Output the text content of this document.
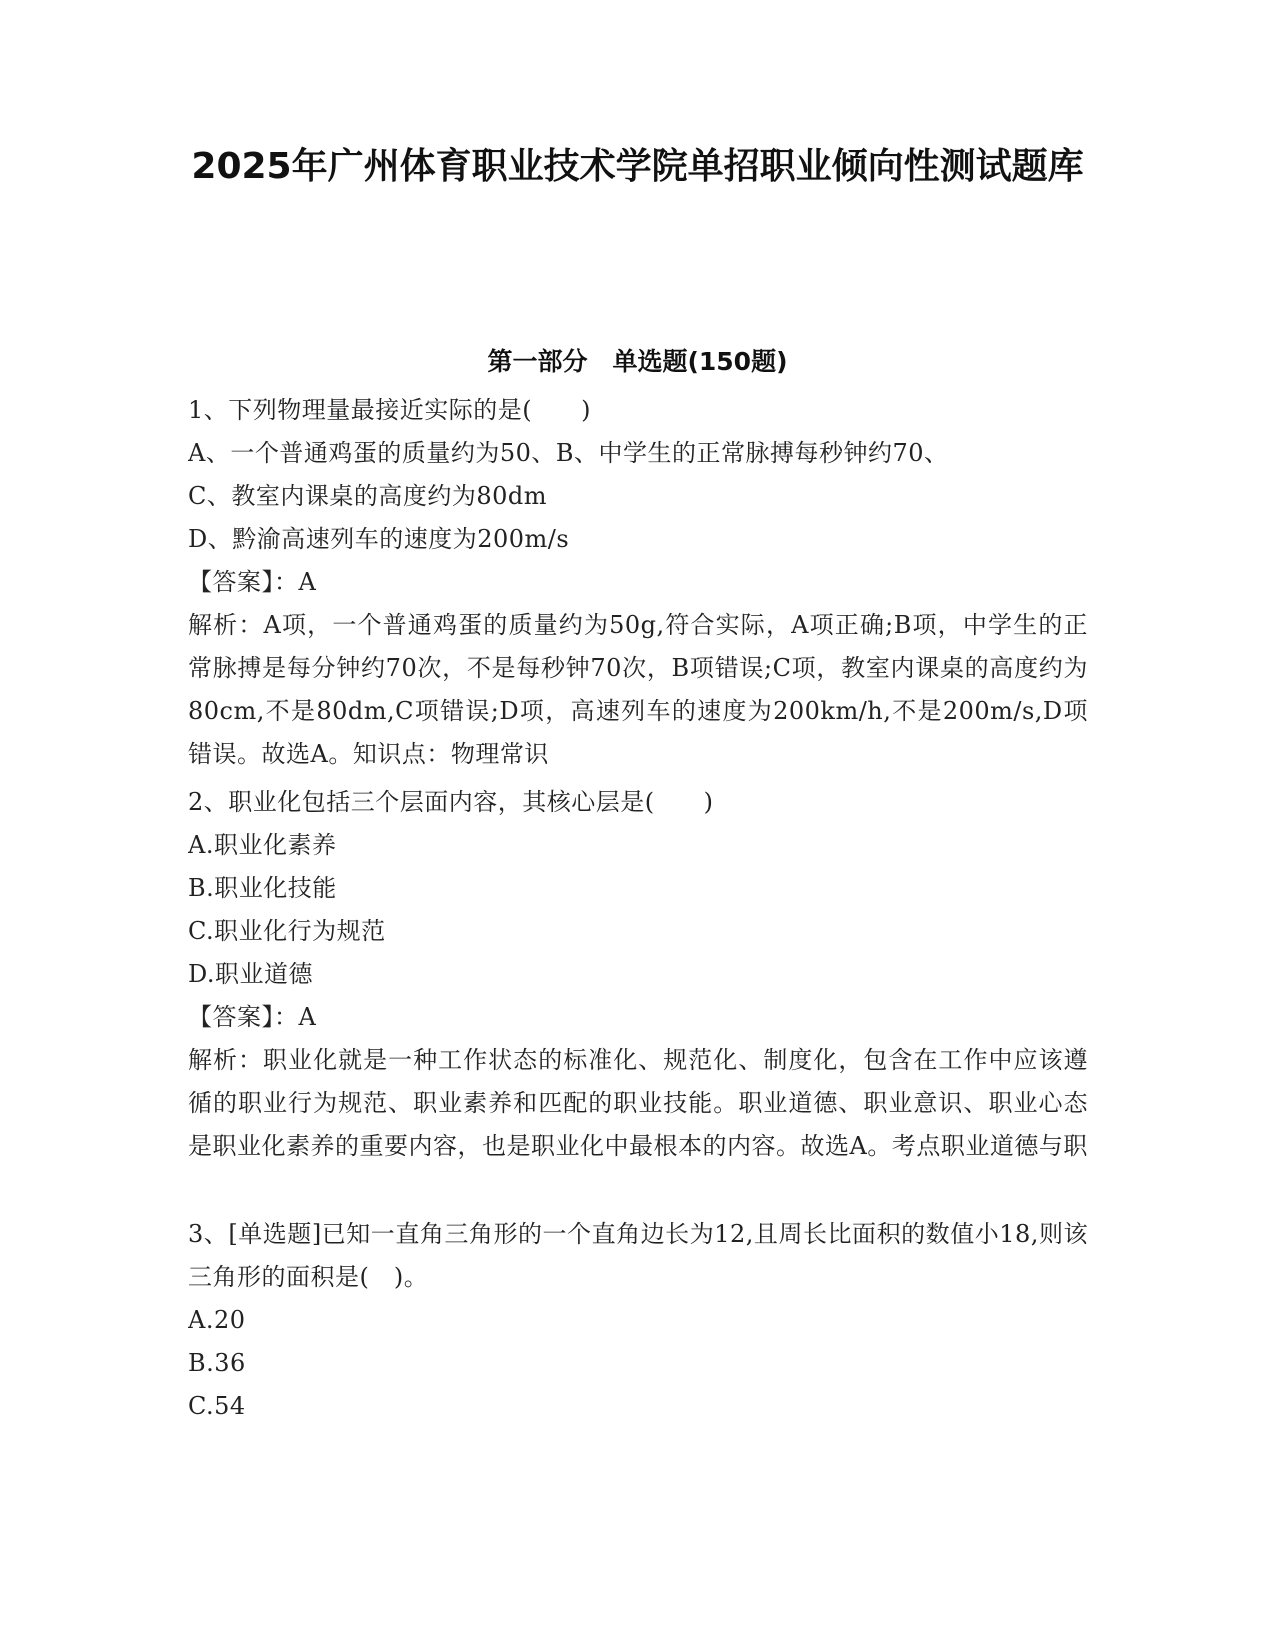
2025年广州体育职业技术学院单招职业倾向性测试题库
第一部分　单选题(150题)
1、下列物理量最接近实际的是(　　)
A、一个普通鸡蛋的质量约为50、B、中学生的正常脉搏每秒钟约70、
C、教室内课桌的高度约为80dm
D、黔渝高速列车的速度为200m/s
【答案】：A
解析：A项，一个普通鸡蛋的质量约为50g,符合实际，A项正确;B项，中学生的正常脉搏是每分钟约70次，不是每秒钟70次，B项错误;C项，教室内课桌的高度约为80cm,不是80dm,C项错误;D项，高速列车的速度为200km/h,不是200m/s,D项错误。故选A。知识点：物理常识
2、职业化包括三个层面内容，其核心层是(　　)
A.职业化素养
B.职业化技能
C.职业化行为规范
D.职业道德
【答案】：A
解析：职业化就是一种工作状态的标准化、规范化、制度化，包含在工作中应该遵循的职业行为规范、职业素养和匹配的职业技能。职业道德、职业意识、职业心态是职业化素养的重要内容，也是职业化中最根本的内容。故选A。考点职业道德与职
3、[单选题]已知一直角三角形的一个直角边长为12,且周长比面积的数值小18,则该三角形的面积是(　)。
A.20
B.36
C.54
